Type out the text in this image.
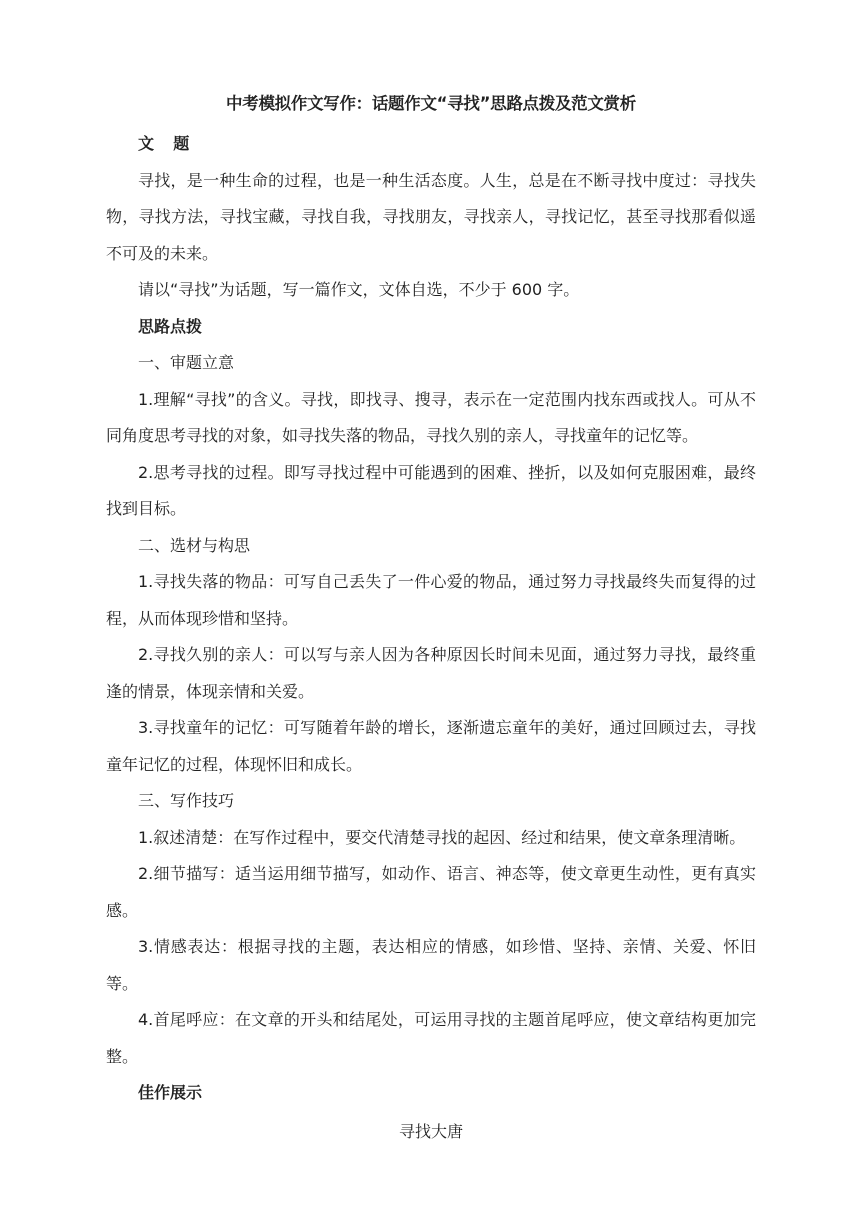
中考模拟作文写作：话题作文“寻找”思路点拨及范文赏析

文 题

寻找，是一种生命的过程，也是一种生活态度。人生，总是在不断寻找中度过：寻找失物，寻找方法，寻找宝藏，寻找自我，寻找朋友，寻找亲人，寻找记忆，甚至寻找那看似遥不可及的未来。

请以“寻找”为话题，写一篇作文，文体自选，不少于 600 字。

思路点拨

一、审题立意

1.理解“寻找”的含义。寻找，即找寻、搜寻，表示在一定范围内找东西或找人。可从不同角度思考寻找的对象，如寻找失落的物品，寻找久别的亲人，寻找童年的记忆等。

2.思考寻找的过程。即写寻找过程中可能遇到的困难、挫折，以及如何克服困难，最终找到目标。

二、选材与构思

1.寻找失落的物品：可写自己丢失了一件心爱的物品，通过努力寻找最终失而复得的过程，从而体现珍惜和坚持。

2.寻找久别的亲人：可以写与亲人因为各种原因长时间未见面，通过努力寻找，最终重逢的情景，体现亲情和关爱。

3.寻找童年的记忆：可写随着年龄的增长，逐渐遗忘童年的美好，通过回顾过去，寻找童年记忆的过程，体现怀旧和成长。

三、写作技巧

1.叙述清楚：在写作过程中，要交代清楚寻找的起因、经过和结果，使文章条理清晰。

2.细节描写：适当运用细节描写，如动作、语言、神态等，使文章更生动性，更有真实感。

3.情感表达：根据寻找的主题，表达相应的情感，如珍惜、坚持、亲情、关爱、怀旧等。

4.首尾呼应：在文章的开头和结尾处，可运用寻找的主题首尾呼应，使文章结构更加完整。

佳作展示

寻找大唐
